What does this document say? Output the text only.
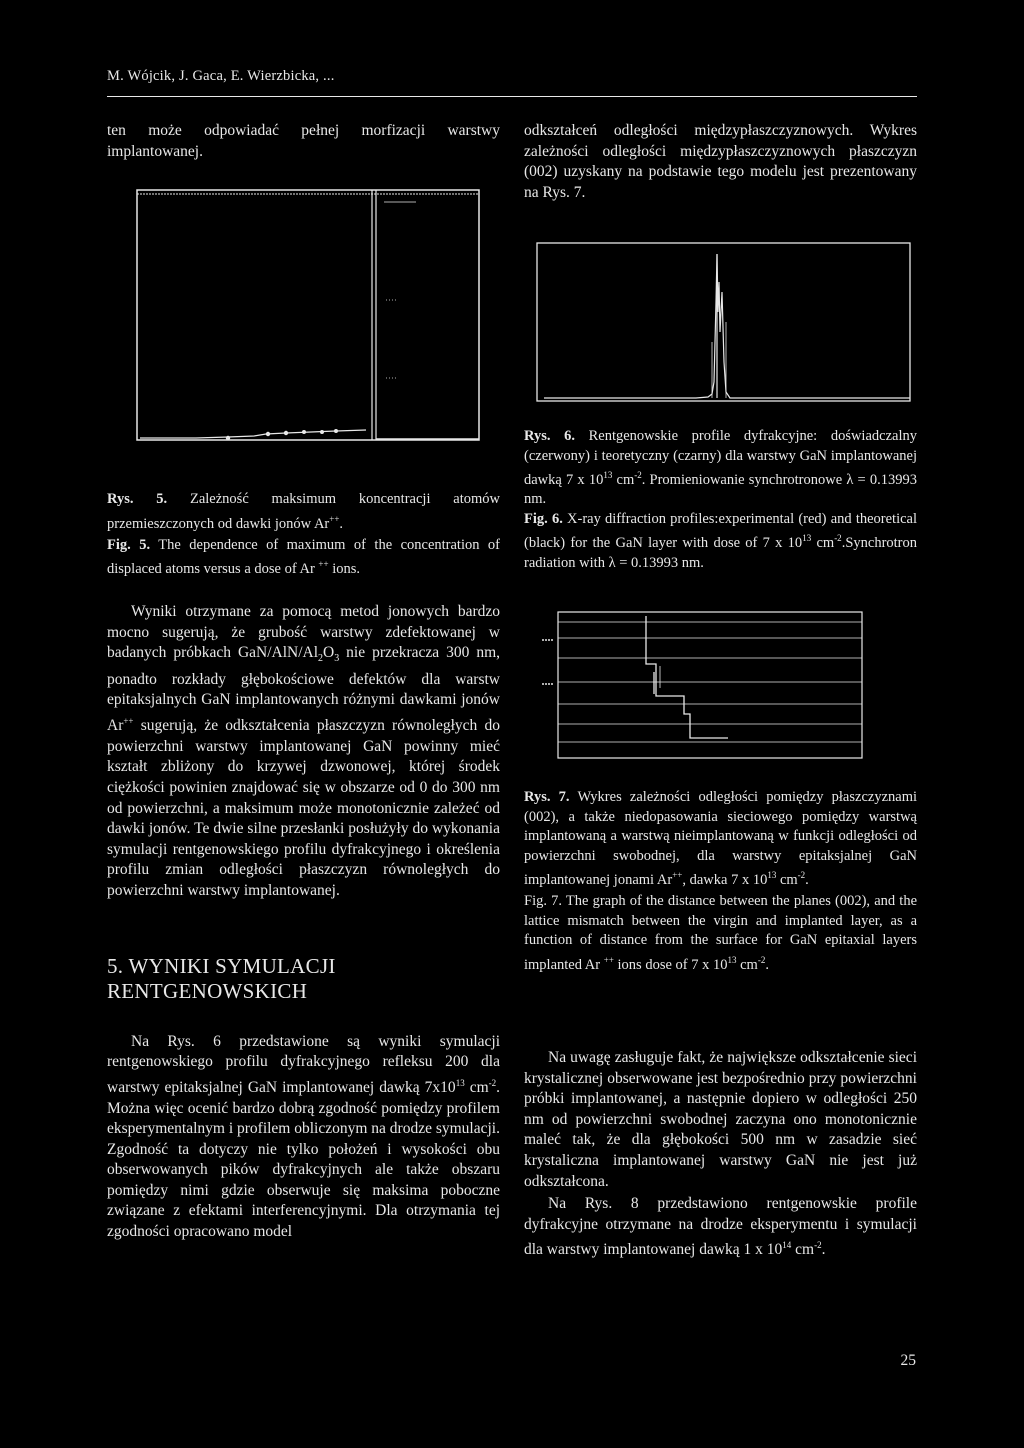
M. Wójcik, J. Gaca, E. Wierzbicka, ...

ten może odpowiadać pełnej morfizacji warstwy implantowanej.

odkształceń odległości międzypłaszczyznowych. Wykres zależności odległości międzypłaszczyznowych płaszczyzn (002) uzyskany na podstawie tego modelu jest prezentowany na Rys. 7.

Rys. 5. Zależność maksimum koncentracji atomów przemieszczonych od dawki jonów Ar++.

Fig. 5. The dependence of maximum of the concentration of displaced atoms versus a dose of Ar ++ ions.

Rys. 6. Rentgenowskie profile dyfrakcyjne: doświadczalny (czerwony) i teoretyczny (czarny) dla warstwy GaN implantowanej dawką 7 x $10^{13}$ $cm^{-2}$. Promieniowanie synchrotronowe λ = 0.13993 nm.

Fig. 6. X-ray diffraction profiles:experimental (red) and theoretical (black) for the GaN layer with dose of 7 x $10^{13}$ $cm^{-2}.Synchrotron$ radiation with λ = 0.13993 nm.

Wyniki otrzymane za pomocą metod jonowych bardzo mocno sugerują, że grubość warstwy zdefektowanej w badanych próbkach GaN/$AlN/Al_2O_3$ nie przekracza 300 nm, ponadto rozkłady głębokościowe defektów dla warstw epitaksjalnych GaN implantowanych różnymi dawkami jonów Ar++ sugerują, że odkształcenia płaszczyzn równoległych do powierzchni warstwy implantowanej GaN powinny mieć kształt zbliżony do krzywej dzwonowej, której środek ciężkości powinien znajdować się w obszarze od 0 do 300 nm od powierzchni, a maksimum może monotonicznie zależeć od dawki jonów. Te dwie silne przesłanki posłużyły do wykonania symulacji rentgenowskiego profilu dyfrakcyjnego i określenia profilu zmian odległości płaszczyzn równoległych do powierzchni warstwy implantowanej.

5. WYNIKI SYMULACJI RENTGENOWSKICH

Na Rys. 6 przedstawione są wyniki symulacji rentgenowskiego profilu dyfrakcyjnego refleksu 200 dla warstwy epitaksjalnej GaN implantowanej dawką $7x10^{13}$ $cm^{-2}$. Można więc ocenić bardzo dobrą zgodność pomiędzy profilem eksperymentalnym i profilem obliczonym na drodze symulacji. Zgodność ta dotyczy nie tylko położeń i wysokości obu obserwowanych pików dyfrakcyjnych ale także obszaru pomiędzy nimi gdzie obserwuje się maksima poboczne związane z efektami interferencyjnymi. Dla otrzymania tej zgodności opracowano model

Rys. 7. Wykres zależności odległości pomiędzy płaszczyznami (002), a także niedopasowania sieciowego pomiędzy warstwą implantowaną a warstwą nieimplantowaną w funkcji odległości od powierzchni swobodnej, dla warstwy epitaksjalnej GaN implantowanej jonami Ar++, dawka 7 x $10^{13}$ $cm^{-2}$.

Fig. 7. The graph of the distance between the planes (002), and the lattice mismatch between the virgin and implanted layer, as a function of distance from the surface for GaN epitaxial layers implanted Ar ++ ions dose of 7 x $10^{13}$ $cm^{-2}$.

Na uwagę zasługuje fakt, że największe odkształcenie sieci krystalicznej obserwowane jest bezpośrednio przy powierzchni próbki implantowanej, a następnie dopiero w odległości 250 nm od powierzchni swobodnej zaczyna ono monotonicznie maleć tak, że dla głębokości 500 nm w zasadzie sieć krystaliczna implantowanej warstwy GaN nie jest już odkształcona.

Na Rys. 8 przedstawiono rentgenowskie profile dyfrakcyjne otrzymane na drodze eksperymentu i symulacji dla warstwy implantowanej dawką 1 x $10^{14}$ $cm^{-2}$.

25
